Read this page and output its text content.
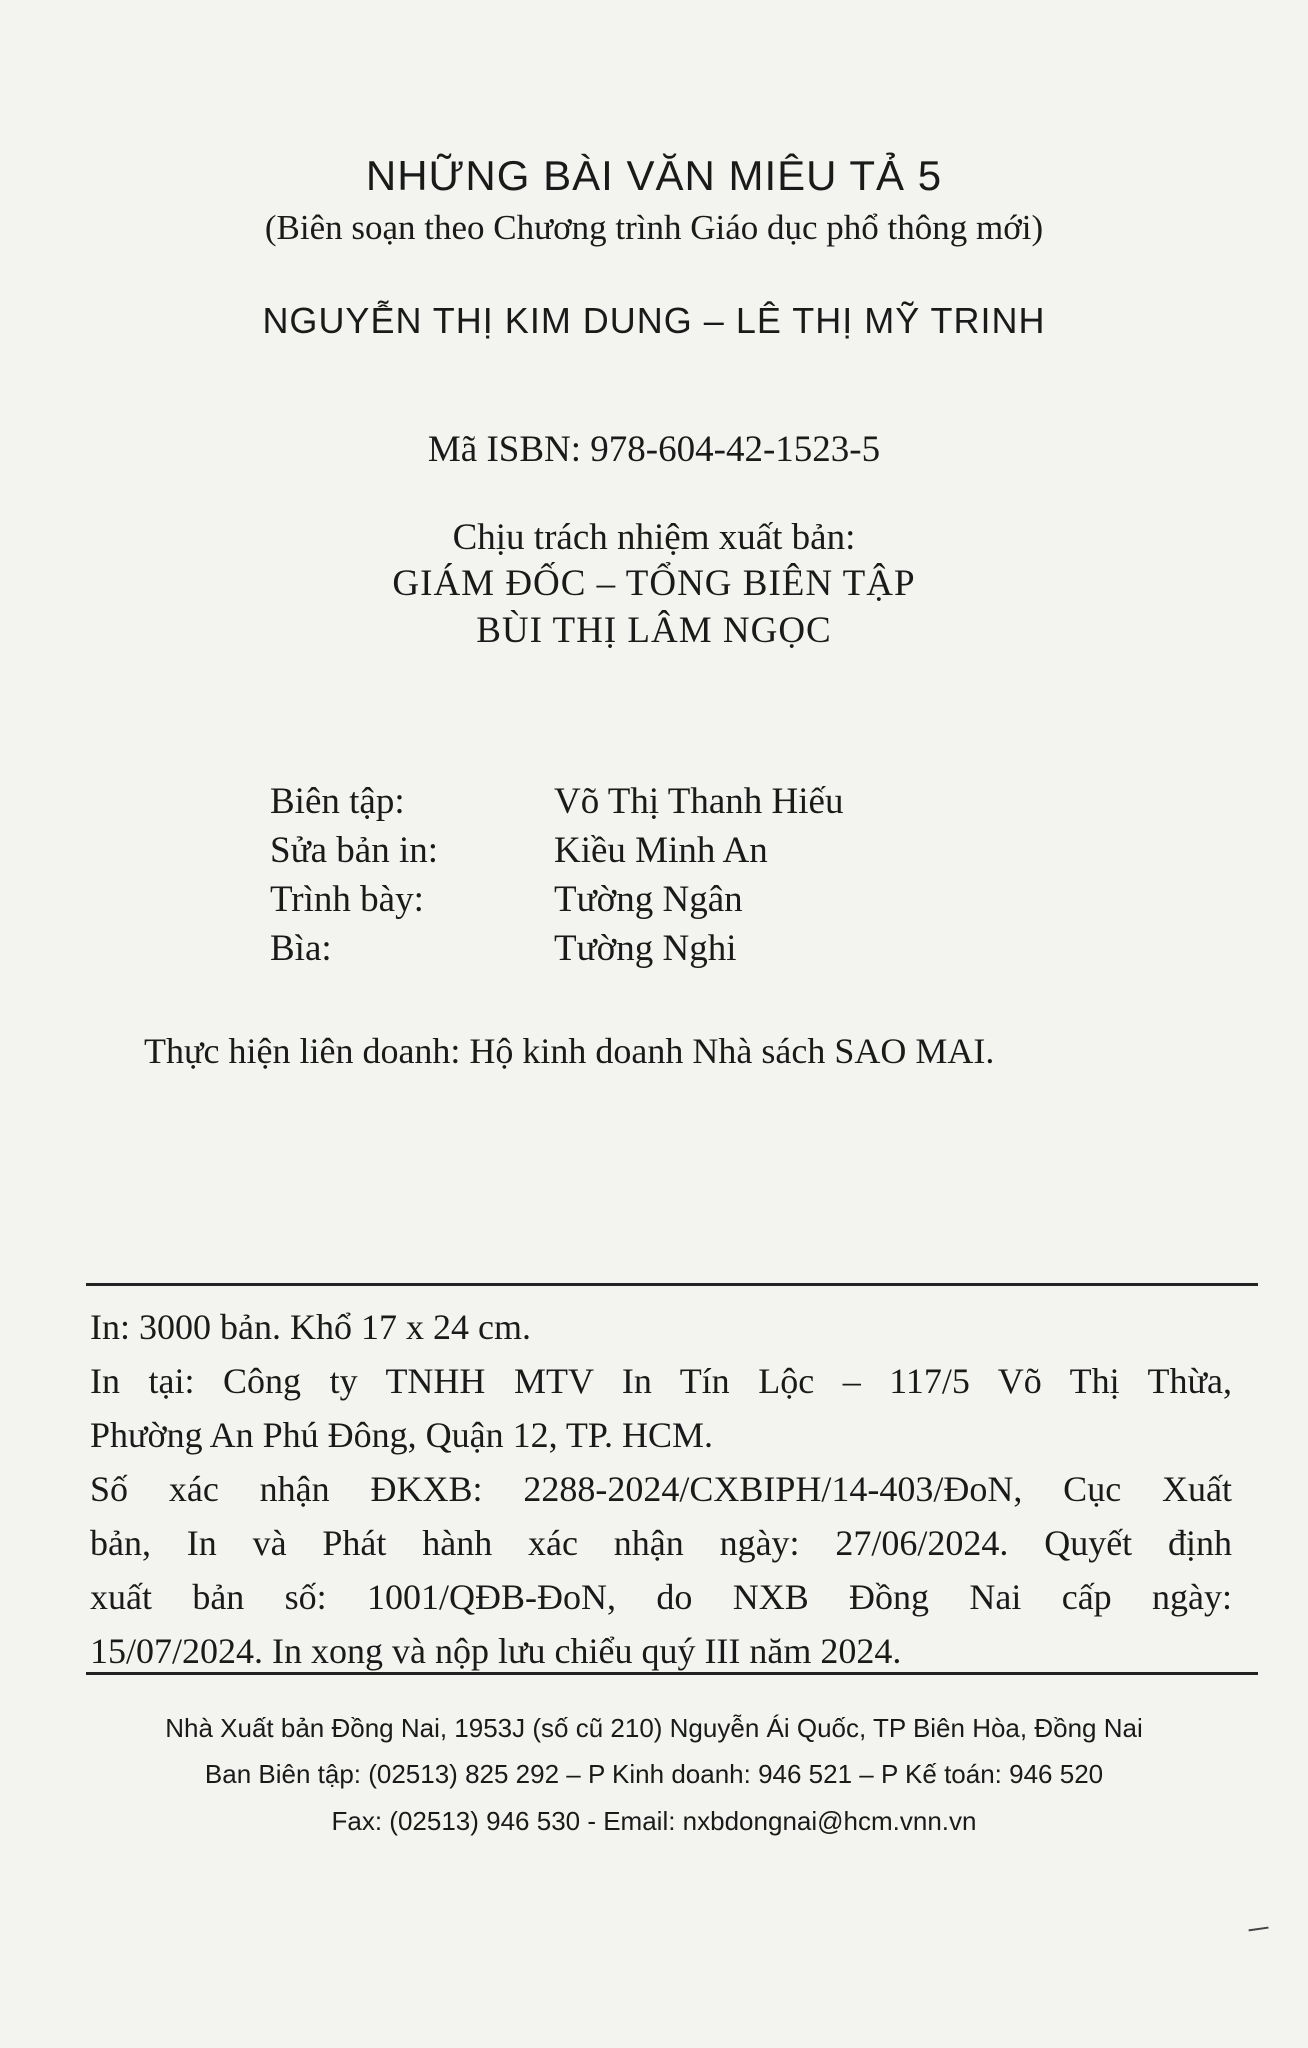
NHỮNG BÀI VĂN MIÊU TẢ 5
(Biên soạn theo Chương trình Giáo dục phổ thông mới)
NGUYỄN THỊ KIM DUNG – LÊ THỊ MỸ TRINH
Mã ISBN: 978-604-42-1523-5
Chịu trách nhiệm xuất bản:
GIÁM ĐỐC – TỔNG BIÊN TẬP
BÙI THỊ LÂM NGỌC
Biên tập:	Võ Thị Thanh Hiếu
Sửa bản in:	Kiều Minh An
Trình bày:	Tường Ngân
Bìa:	Tường Nghi
Thực hiện liên doanh: Hộ kinh doanh Nhà sách SAO MAI.
In: 3000 bản. Khổ 17 x 24 cm.
In tại: Công ty TNHH MTV In Tín Lộc – 117/5 Võ Thị Thừa,
Phường An Phú Đông, Quận 12, TP. HCM.
Số xác nhận ĐKXB: 2288-2024/CXBIPH/14-403/ĐoN, Cục Xuất
bản, In và Phát hành xác nhận ngày: 27/06/2024. Quyết định
xuất bản số: 1001/QĐB-ĐoN, do NXB Đồng Nai cấp ngày:
15/07/2024. In xong và nộp lưu chiểu quý III năm 2024.
Nhà Xuất bản Đồng Nai, 1953J (số cũ 210) Nguyễn Ái Quốc, TP Biên Hòa, Đồng Nai
Ban Biên tập: (02513) 825 292 – P Kinh doanh: 946 521 – P Kế toán: 946 520
Fax: (02513) 946 530 - Email: nxbdongnai@hcm.vnn.vn
